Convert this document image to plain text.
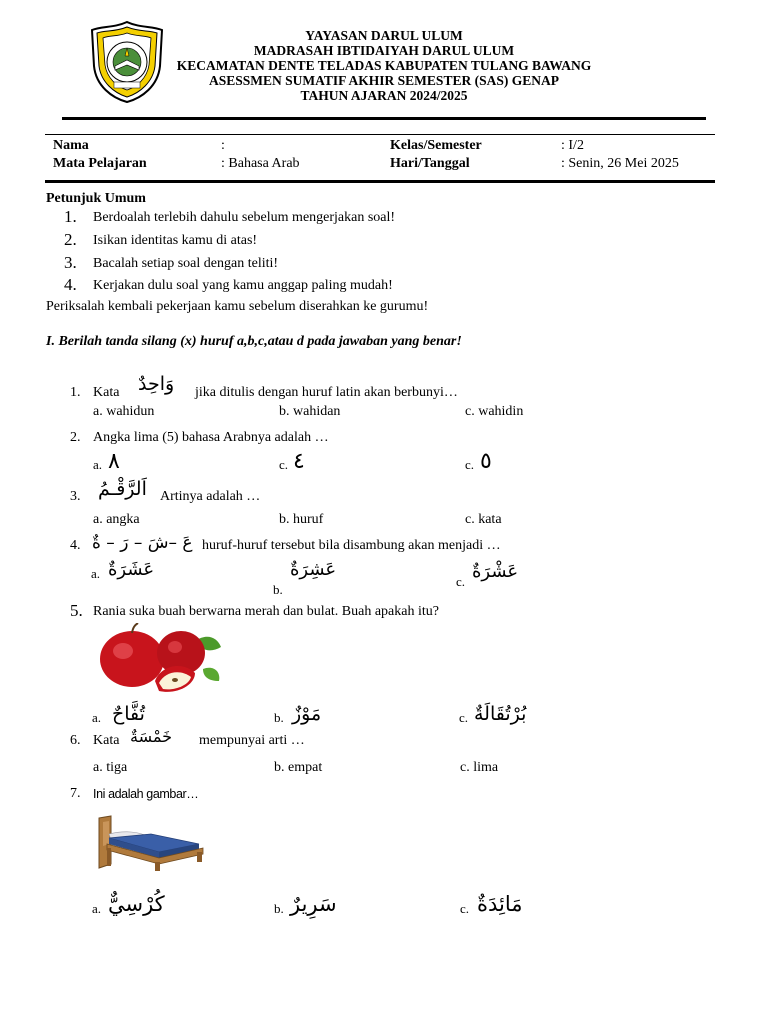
YAYASAN DARUL ULUM
MADRASAH IBTIDAIYAH DARUL ULUM
KECAMATAN DENTE TELADAS KABUPATEN TULANG BAWANG
ASESSMEN SUMATIF AKHIR SEMESTER (SAS) GENAP
TAHUN AJARAN 2024/2025
Nama	:	Kelas/Semester	: I/2
Mata Pelajaran	: Bahasa Arab	Hari/Tanggal	: Senin, 26 Mei 2025
Petunjuk Umum
1. Berdoalah terlebih dahulu sebelum mengerjakan soal!
2. Isikan identitas kamu di atas!
3. Bacalah setiap soal dengan teliti!
4. Kerjakan dulu soal yang kamu anggap paling mudah!
Periksalah kembali pekerjaan kamu sebelum diserahkan ke gurumu!
I. Berilah tanda silang (x) huruf a,b,c,atau d pada jawaban yang benar!
1. Kata وَاحِدٌ jika ditulis dengan huruf latin akan berbunyi…
a. wahidun	b. wahidan	c. wahidin
2. Angka lima (5) bahasa Arabnya adalah …
a. ٨	c. ٤	c. ٥
3. اَلرَّقْـمُ Artinya adalah …
a. angka	b. huruf	c. kata
4. عَ –شَ – رَ – ةٌ huruf-huruf tersebut bila disambung akan menjadi …
a. عَشَرَةٌ
b.
عَشِرَةٌ
c. عَشْرَةٌ
5. Rania suka buah berwarna merah dan bulat. Buah apakah itu?
a. تُفَّاحٌ	b. مَوْزٌ	c. بُرْتُقَالَةٌ
6. Kata خَمْسَةٌ mempunyai arti …
a. tiga	b. empat	c. lima
7. Ini adalah gambar…
a. كُرْسِيٌّ	b. سَرِيرٌ	c. مَائِدَةٌ
